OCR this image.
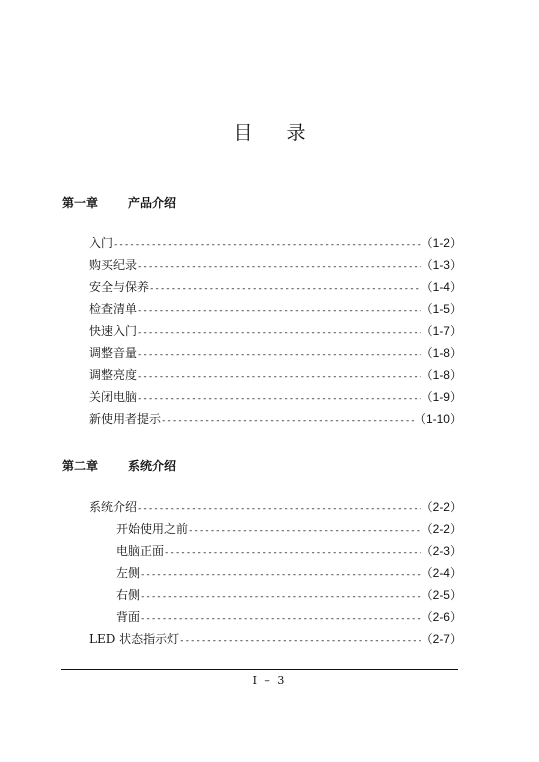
目 录
第一章 产品介绍
入门 -----	（1-2）
购买纪录 -----	（1-3）
安全与保养 -----	（1-4）
检查清单 -----	（1-5）
快速入门 -----	（1-7）
调整音量 -----	（1-8）
调整亮度 -----	（1-8）
关闭电脑 -----	（1-9）
新使用者提示 -----	（1-10）
第二章 系统介绍
系统介绍 -----	（2-2）
开始使用之前 -----	（2-2）
电脑正面 -----	（2-3）
左侧 -----	（2-4）
右侧 -----	（2-5）
背面 -----	（2-6）
LED 状态指示灯 -----	（2-7）
I – 3
